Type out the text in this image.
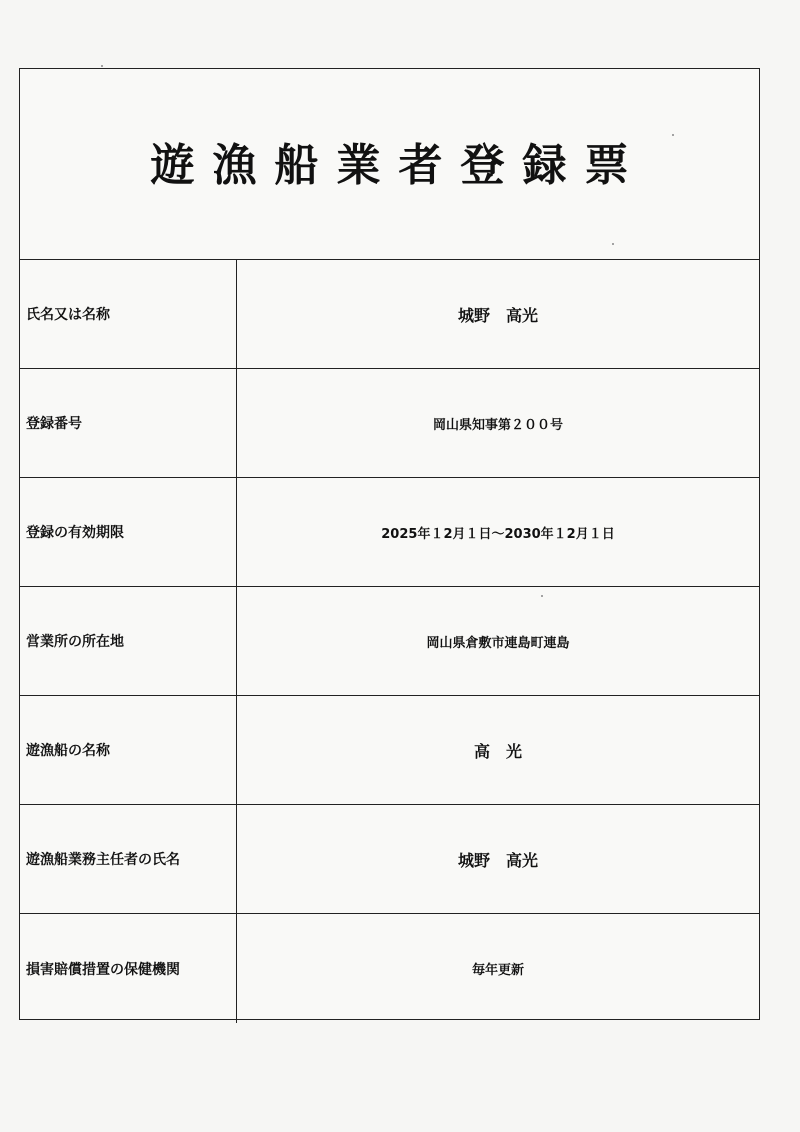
遊漁船業者登録票
氏名又は名称	城野　高光
登録番号	岡山県知事第２００号
登録の有効期限	2025年１2月１日～2030年１2月１日
営業所の所在地	岡山県倉敷市連島町連島
遊漁船の名称	高　光
遊漁船業務主任者の氏名	城野　高光
損害賠償措置の保健機関	毎年更新
